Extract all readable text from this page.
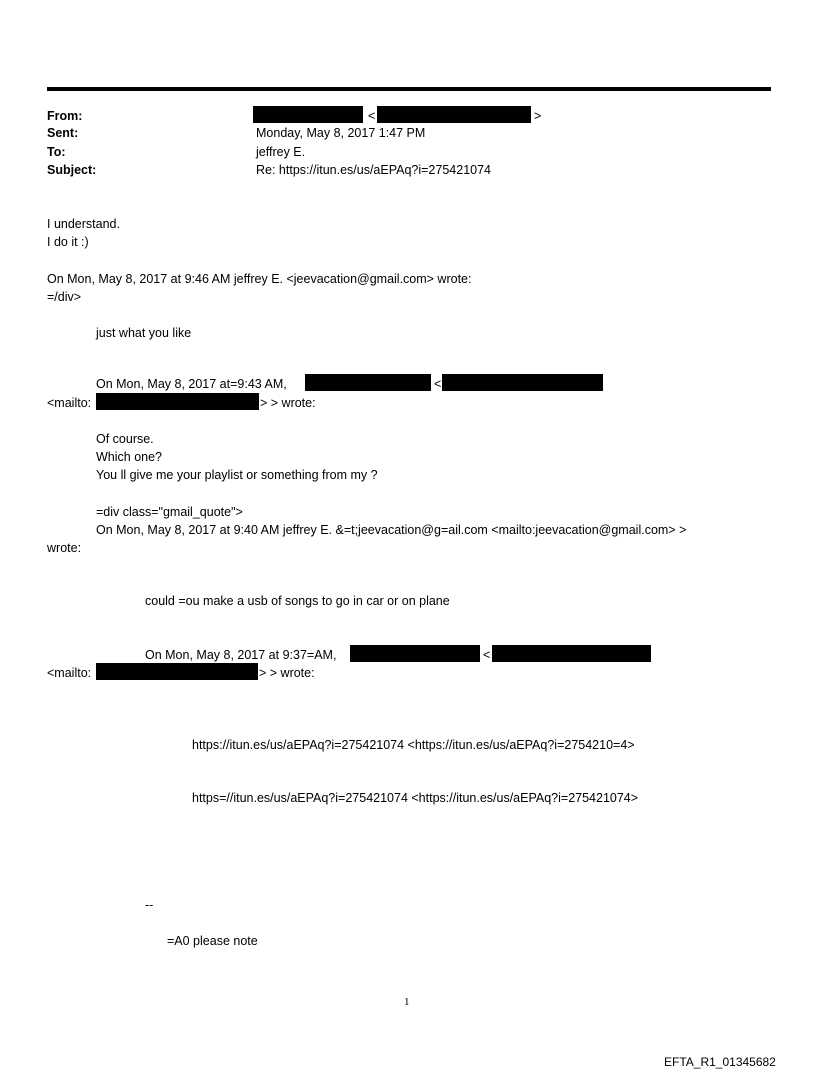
From:	<	>
Sent:	Monday, May 8, 2017 1:47 PM
To:	jeffrey E.
Subject:	Re: https://itun.es/us/aEPAq?i=275421074
I understand.
I do it :)
On Mon, May 8, 2017 at 9:46 AM jeffrey E. <jeevacation@gmail.com> wrote:
=/div>
just what you like
On Mon, May 8, 2017 at=9:43 AM,	<
<mailto:	> > wrote:
Of course.
Which one?
You ll give me your playlist or something from my ?
=div class="gmail_quote">
On Mon, May 8, 2017 at 9:40 AM jeffrey E. &=t;jeevacation@g=ail.com <mailto:jeevacation@gmail.com> >
wrote:
could =ou make a usb of songs to go in car or on plane
On Mon, May 8, 2017 at 9:37=AM,	<
<mailto:	> > wrote:
https://itun.es/us/aEPAq?i=275421074 <https://itun.es/us/aEPAq?i=2754210=4>
https=//itun.es/us/aEPAq?i=275421074 <https://itun.es/us/aEPAq?i=275421074>
--
=A0 please note
1
EFTA_R1_01345682
